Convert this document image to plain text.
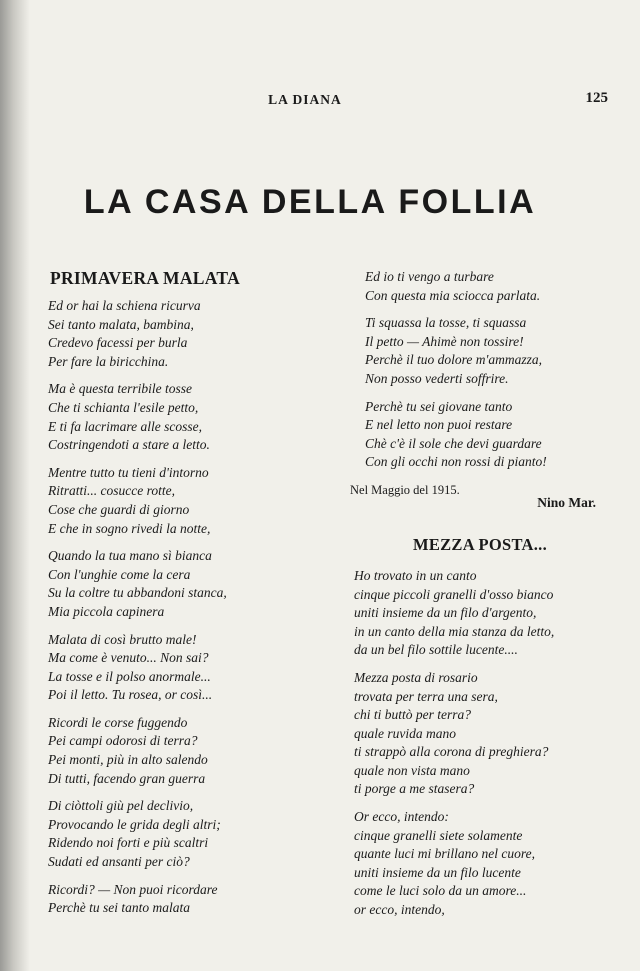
LA DIANA	125
LA CASA DELLA FOLLIA
PRIMAVERA MALATA
Ed or hai la schiena ricurva
Sei tanto malata, bambina,
Credevo facessi per burla
Per fare la biricchina.
Ma è questa terribile tosse
Che ti schianta l'esile petto,
E ti fa lacrimare alle scosse,
Costringendoti a stare a letto.
Mentre tutto tu tieni d'intorno
Ritratti... cosucce rotte,
Cose che guardi di giorno
E che in sogno rivedi la notte,
Quando la tua mano sì bianca
Con l'unghie come la cera
Su la coltre tu abbandoni stanca,
Mia piccola capinera
Malata di così brutto male!
Ma come è venuto... Non sai?
La tosse e il polso anormale...
Poi il letto. Tu rosea, or così...
Ricordi le corse fuggendo
Pei campi odorosi di terra?
Pei monti, più in alto salendo
Di tutti, facendo gran guerra
Di ciòttoli giù pel declivio,
Provocando le grida degli altri;
Ridendo noi forti e più scaltri
Sudati ed ansanti per ciò?
Ricordi? — Non puoi ricordare
Perchè tu sei tanto malata
Ed io ti vengo a turbare
Con questa mia sciocca parlata.
Ti squassa la tosse, ti squassa
Il petto — Ahimè non tossire!
Perchè il tuo dolore m'ammazza,
Non posso vederti soffrire.
Perchè tu sei giovane tanto
E nel letto non puoi restare
Chè c'è il sole che devi guardare
Con gli occhi non rossi di pianto!

Nel Maggio del 1915.

Nino Mar.

MEZZA POSTA...
Ho trovato in un canto
cinque piccoli granelli d'osso bianco
uniti insieme da un filo d'argento,
in un canto della mia stanza da letto,
da un bel filo sottile lucente....
Mezza posta di rosario
trovata per terra una sera,
chi ti buttò per terra?
quale ruvida mano
ti strappò alla corona di preghiera?
quale non vista mano
ti porge a me stasera?
Or ecco, intendo:
cinque granelli siete solamente
quante luci mi brillano nel cuore,
uniti insieme da un filo lucente
come le luci solo da un amore...
or ecco, intendo,
